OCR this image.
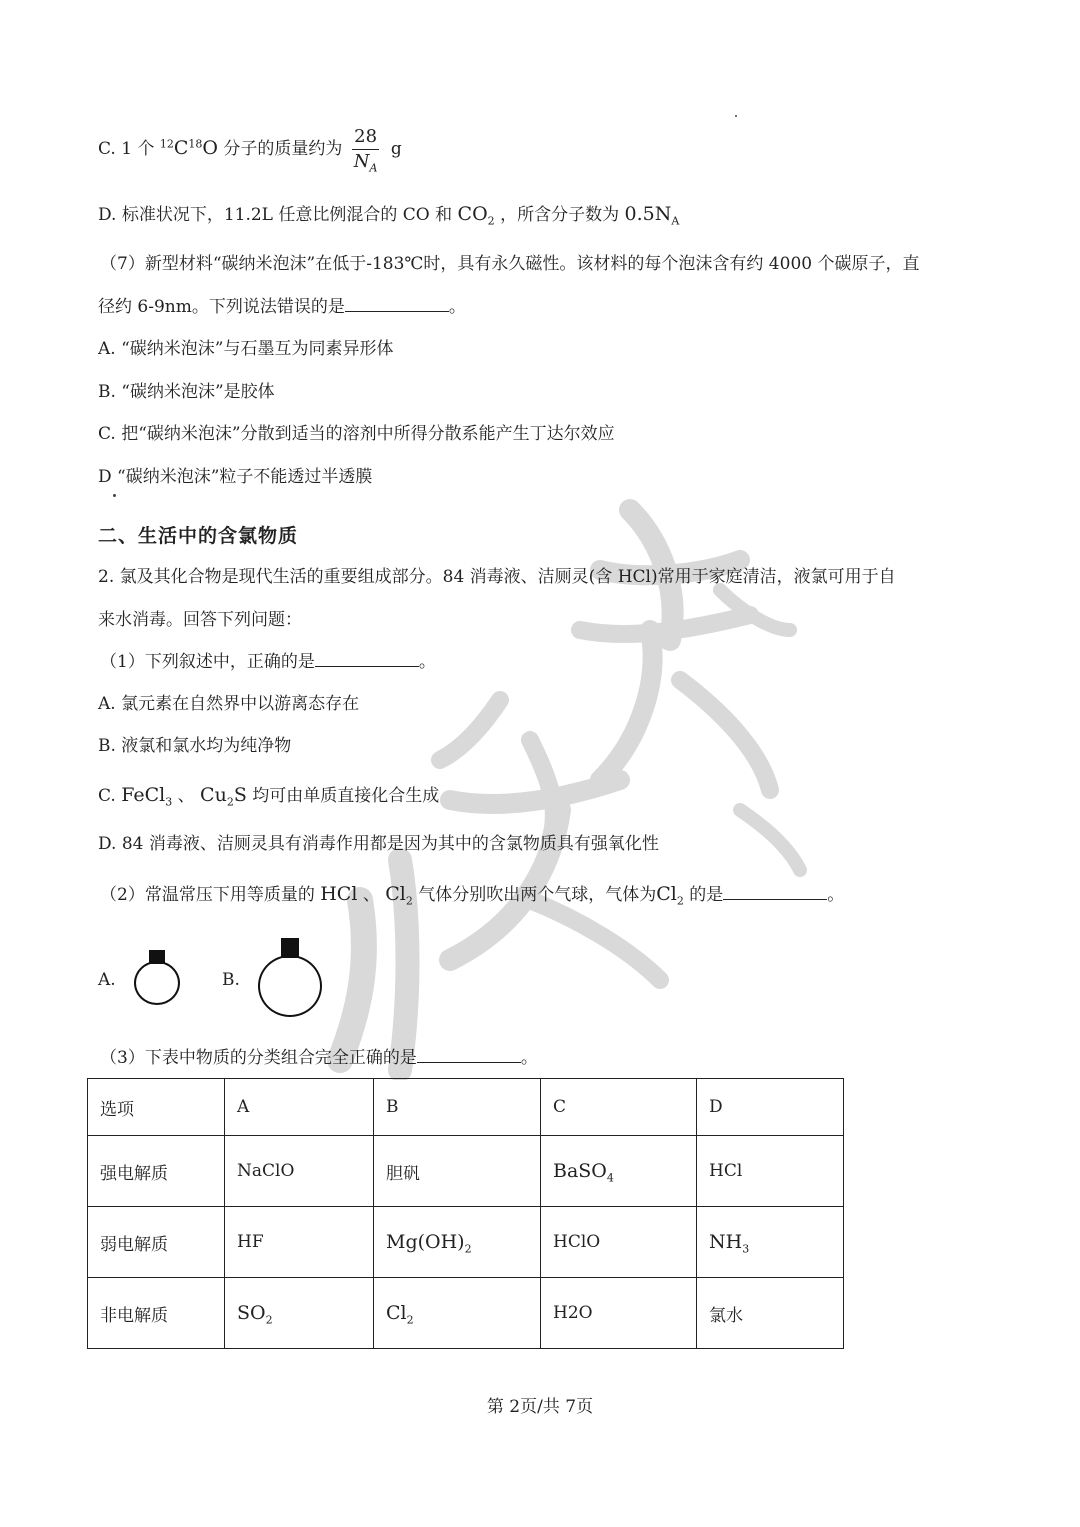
C. 1 个 $^{12}C^{18}O$ 分子的质量约为 $\frac{28}{N_A}$ g
D. 标准状况下，11.2L 任意比例混合的 CO 和 $CO_2$ ，所含分子数为 $0.5N_A$
（7）新型材料“碳纳米泡沫”在低于-183℃时，具有永久磁性。该材料的每个泡沫含有约 4000 个碳原子，直
径约 6-9nm。下列说法错误的是	。
A. “碳纳米泡沫”与石墨互为同素异形体
B. “碳纳米泡沫”是胶体
C. 把“碳纳米泡沫”分散到适当的溶剂中所得分散系能产生丁达尔效应
D “碳纳米泡沫”粒子不能透过半透膜
二、生活中的含氯物质
2. 氯及其化合物是现代生活的重要组成部分。84 消毒液、洁厕灵(含 HCl)常用于家庭清洁，液氯可用于自
来水消毒。回答下列问题：
（1）下列叙述中，正确的是	。
A. 氯元素在自然界中以游离态存在
B. 液氯和氯水均为纯净物
C. FeCl$_3$ 、 $Cu_2S$ 均可由单质直接化合生成
D. 84 消毒液、洁厕灵具有消毒作用都是因为其中的含氯物质具有强氧化性
（2）常温常压下用等质量的 HCl 、 $Cl_2$ 气体分别吹出两个气球，气体为$Cl_2$ 的是	。
A.	B.
（3）下表中物质的分类组合完全正确的是	。
选项	A	B	C	D
强电解质	NaClO	胆矾	BaSO$_4$	HCl
弱电解质	HF	$Mg(OH)_2$	HClO	$NH_3$
非电解质	$SO_2$	$Cl_2$	H2O	氯水
第 2页/共 7页
